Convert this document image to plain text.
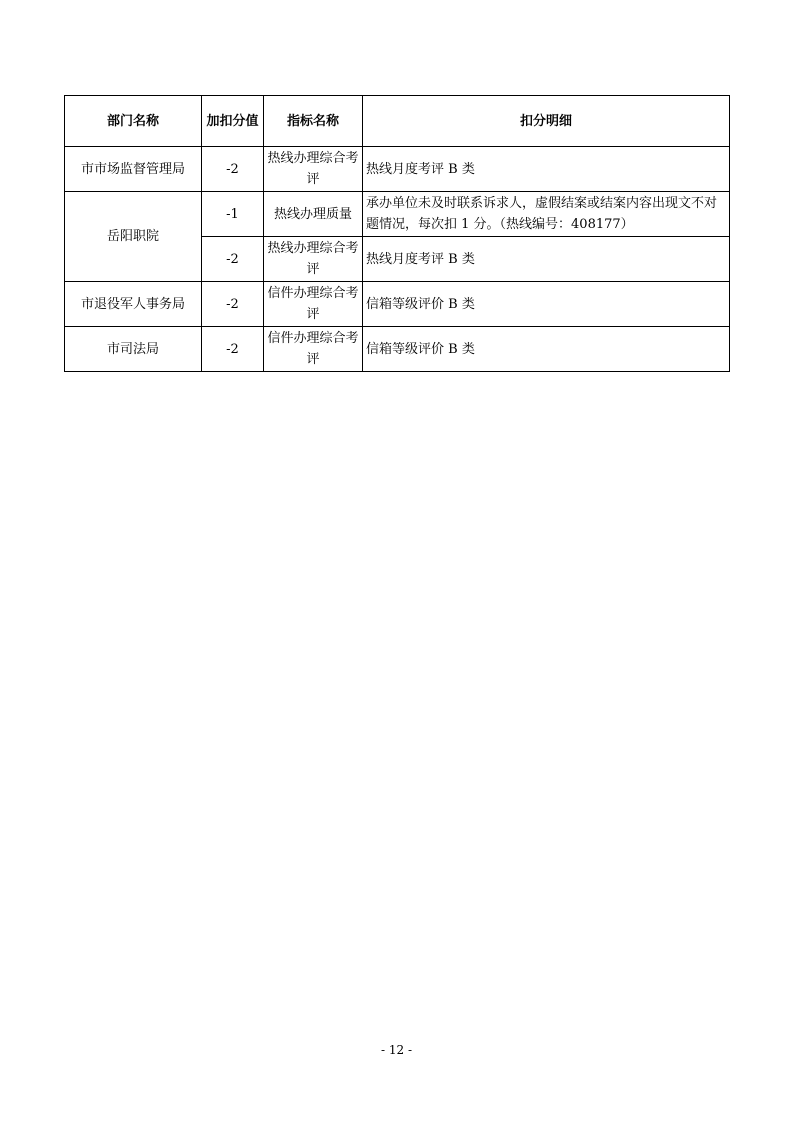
部门名称	加扣分值	指标名称	扣分明细
市市场监督管理局	-2	热线办理综合考评	热线月度考评 B 类
岳阳职院	-1	热线办理质量	承办单位未及时联系诉求人，虚假结案或结案内容出现文不对题情况，每次扣 1 分。（热线编号：408177）
	-2	热线办理综合考评	热线月度考评 B 类
市退役军人事务局	-2	信件办理综合考评	信箱等级评价 B 类
市司法局	-2	信件办理综合考评	信箱等级评价 B 类
- 12 -
